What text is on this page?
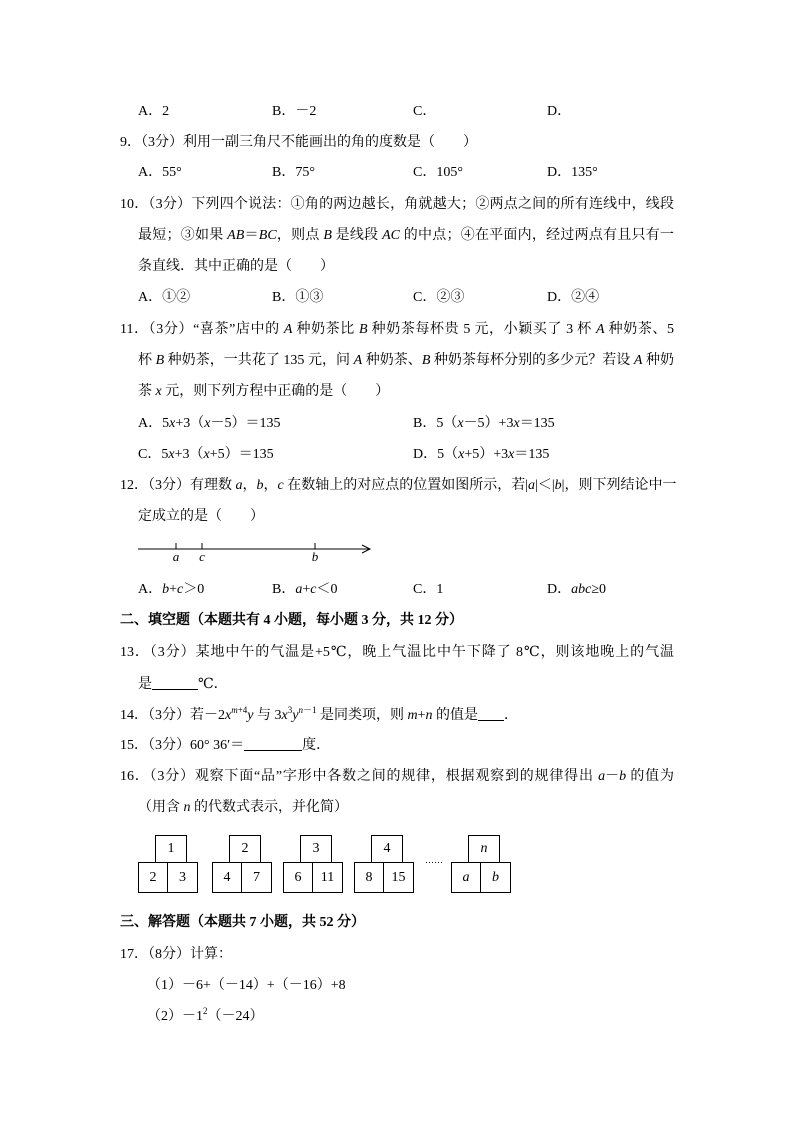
A．2	B．－2	C．	D．
9．（3分）利用一副三角尺不能画出的角的度数是（　　）
A．55°	B．75°	C．105°	D．135°
10．（3分）下列四个说法：①角的两边越长，角就越大；②两点之间的所有连线中，线段
最短；③如果 AB＝BC，则点 B 是线段 AC 的中点；④在平面内，经过两点有且只有一
条直线．其中正确的是（　　）
A．①②	B．①③	C．②③	D．②④
11．（3分）“喜茶”店中的 A 种奶茶比 B 种奶茶每杯贵 5 元，小颖买了 3 杯 A 种奶茶、5
杯 B 种奶茶，一共花了 135 元，问 A 种奶茶、B 种奶茶每杯分别的多少元？若设 A 种奶
茶 x 元，则下列方程中正确的是（　　）
A．5x+3（x－5）＝135	B．5（x－5）+3x＝135
C．5x+3（x+5）＝135	D．5（x+5）+3x＝135
12．（3分）有理数 a，b，c 在数轴上的对应点的位置如图所示，若|a|＜|b|，则下列结论中一
定成立的是（　　）
a c	b
A．b+c＞0	B．a+c＜0	C．1	D．abc≥0
二、填空题（本题共有 4 小题，每小题 3 分，共 12 分）
13．（3分）某地中午的气温是+5℃，晚上气温比中午下降了 8℃，则该地晚上的气温
是	℃．
14．（3分）若$-2x^{m+4}y$ 与 $3x^3y^{n-1}$ 是同类项，则 m+n 的值是 ．
15．（3分）60° 36′＝	度．
16．（3分）观察下面“品”字形中各数之间的规律，根据观察到的规律得出 a－b 的值为
（用含 n 的代数式表示，并化简）
1
2	3
2
4	7
3
6	11
4
8	15
……
n
a	b
三、解答题（本题共 7 小题，共 52 分）
17．（8分）计算：
（1）－6+（－14）+（－16）+8
$(2)-1^2(-24)$
